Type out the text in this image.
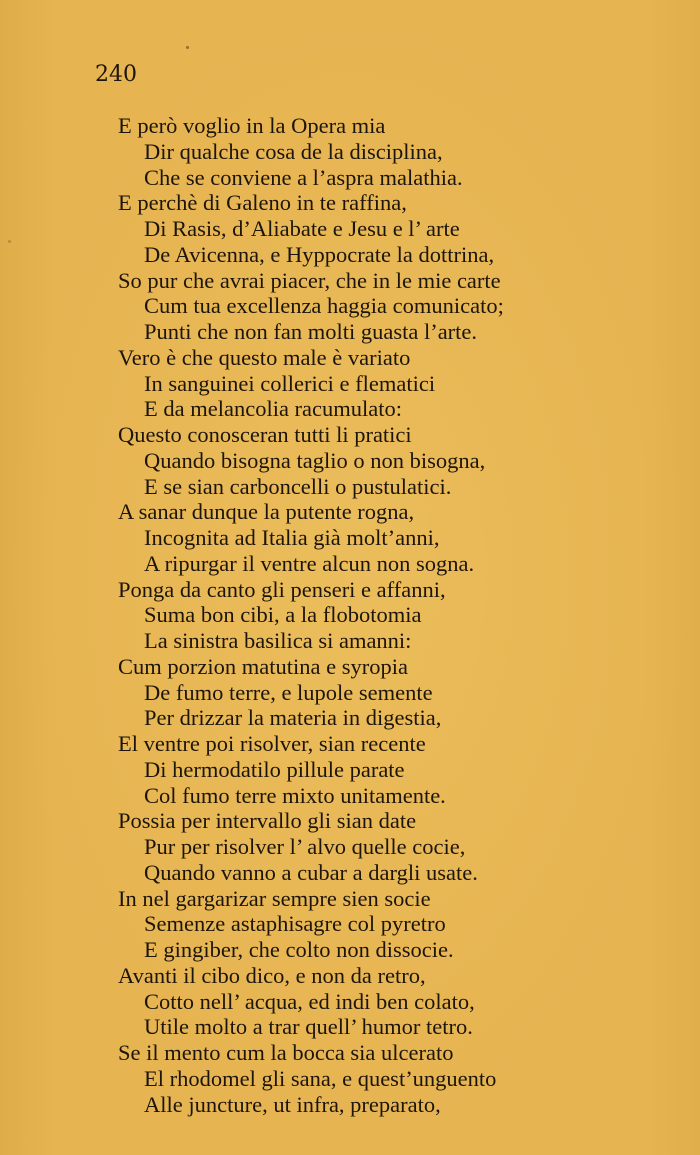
240
E però voglio in la Opera mia
Dir qualche cosa de la disciplina,
Che se conviene a l’aspra malathia.
E perchè di Galeno in te raffina,
Di Rasis, d’Aliabate e Jesu e l’ arte
De Avicenna, e Hyppocrate la dottrina,
So pur che avrai piacer, che in le mie carte
Cum tua excellenza haggia comunicato;
Punti che non fan molti guasta l’arte.
Vero è che questo male è variato
In sanguinei collerici e flematici
E da melancolia racumulato:
Questo conosceran tutti li pratici
Quando bisogna taglio o non bisogna,
E se sian carboncelli o pustulatici.
A sanar dunque la putente rogna,
Incognita ad Italia già molt’anni,
A ripurgar il ventre alcun non sogna.
Ponga da canto gli penseri e affanni,
Suma bon cibi, a la flobotomia
La sinistra basilica si amanni:
Cum porzion matutina e syropia
De fumo terre, e lupole semente
Per drizzar la materia in digestia,
El ventre poi risolver, sian recente
Di hermodatilo pillule parate
Col fumo terre mixto unitamente.
Possia per intervallo gli sian date
Pur per risolver l’ alvo quelle cocie,
Quando vanno a cubar a dargli usate.
In nel gargarizar sempre sien socie
Semenze astaphisagre col pyretro
E gingiber, che colto non dissocie.
Avanti il cibo dico, e non da retro,
Cotto nell’ acqua, ed indi ben colato,
Utile molto a trar quell’ humor tetro.
Se il mento cum la bocca sia ulcerato
El rhodomel gli sana, e quest’unguento
Alle juncture, ut infra, preparato,
